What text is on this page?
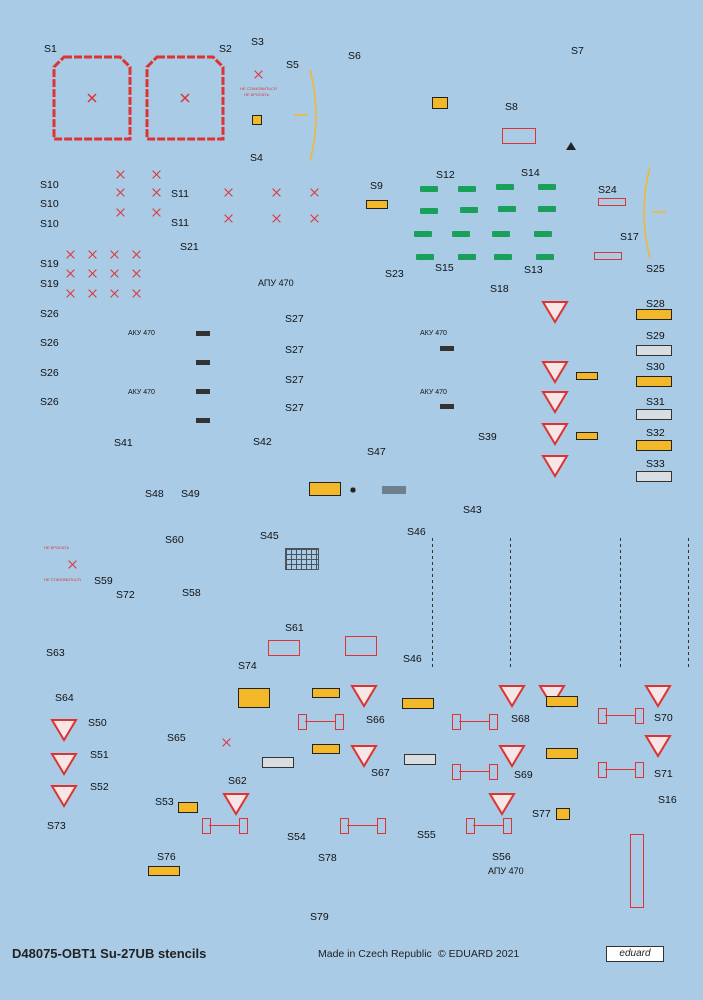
НЕ СТАНОВИТЬСЯ
НЕ БРОСАТЬ
АПУ 470
АКУ 470
АКУ 470
АКУ 470
АКУ 470
НЕ БРОСАТЬ
НЕ СТАНОВИТЬСЯ
АПУ 470
S1	S2
S3
S5
S6	S7
S8
S4
S12	S14
S10	S9	S24
S11
S10
S10	S11
S17
S21
S19	S15	S13	S25
S23
S19	S18
S28
S26	S27
S29
S26
S27
S30
S26
S27
S31
S26	S27
S32
S39
S41	S42
S47
S33
S48 S49
S43
S46
S45
S60
S59
S58
S72
S61
S63	S46
S74
S64
S66	S68	S70
S50
S65
S51
S67	S69	S71
S62
S52
S16
S53
S77
S73
S54	S55
S76	S78	S56
S79
D48075-OBT1 Su-27UB stencils	Made in Czech Republic © EDUARD 2021	eduard
